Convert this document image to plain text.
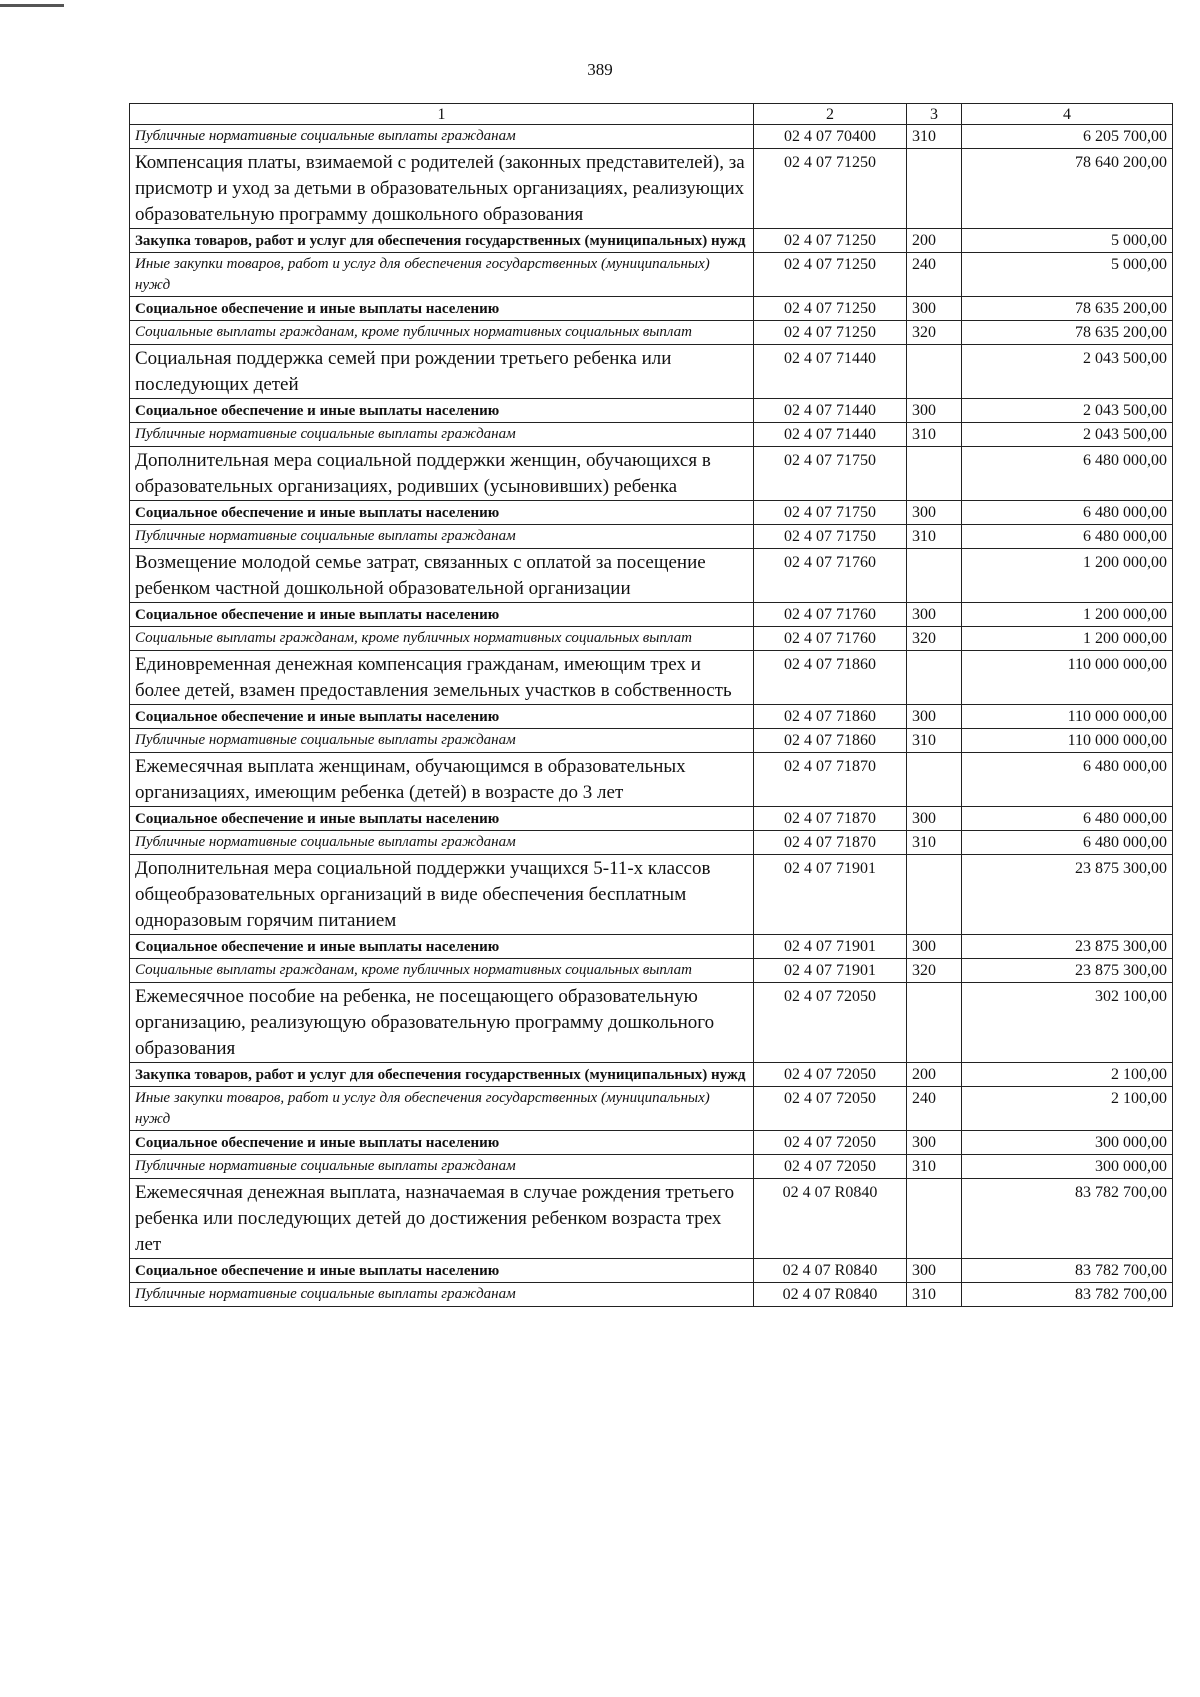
389
1	2	3	4
Публичные нормативные социальные выплаты гражданам	02 4 07 70400	310	6 205 700,00
Компенсация платы, взимаемой с родителей (законных представителей), за присмотр и уход за детьми в образовательных организациях, реализующих образовательную программу дошкольного образования	02 4 07 71250		78 640 200,00
Закупка товаров, работ и услуг для обеспечения государственных (муниципальных) нужд	02 4 07 71250	200	5 000,00
Иные закупки товаров, работ и услуг для обеспечения государственных (муниципальных) нужд	02 4 07 71250	240	5 000,00
Социальное обеспечение и иные выплаты населению	02 4 07 71250	300	78 635 200,00
Социальные выплаты гражданам, кроме публичных нормативных социальных выплат	02 4 07 71250	320	78 635 200,00
Социальная поддержка семей при рождении третьего ребенка или последующих детей	02 4 07 71440		2 043 500,00
Социальное обеспечение и иные выплаты населению	02 4 07 71440	300	2 043 500,00
Публичные нормативные социальные выплаты гражданам	02 4 07 71440	310	2 043 500,00
Дополнительная мера социальной поддержки женщин, обучающихся в образовательных организациях, родивших (усыновивших) ребенка	02 4 07 71750		6 480 000,00
Социальное обеспечение и иные выплаты населению	02 4 07 71750	300	6 480 000,00
Публичные нормативные социальные выплаты гражданам	02 4 07 71750	310	6 480 000,00
Возмещение молодой семье затрат, связанных с оплатой за посещение ребенком частной дошкольной образовательной организации	02 4 07 71760		1 200 000,00
Социальное обеспечение и иные выплаты населению	02 4 07 71760	300	1 200 000,00
Социальные выплаты гражданам, кроме публичных нормативных социальных выплат	02 4 07 71760	320	1 200 000,00
Единовременная денежная компенсация гражданам, имеющим трех и более детей, взамен предоставления земельных участков в собственность	02 4 07 71860		110 000 000,00
Социальное обеспечение и иные выплаты населению	02 4 07 71860	300	110 000 000,00
Публичные нормативные социальные выплаты гражданам	02 4 07 71860	310	110 000 000,00
Ежемесячная выплата женщинам, обучающимся в образовательных организациях, имеющим ребенка (детей) в возрасте до 3 лет	02 4 07 71870		6 480 000,00
Социальное обеспечение и иные выплаты населению	02 4 07 71870	300	6 480 000,00
Публичные нормативные социальные выплаты гражданам	02 4 07 71870	310	6 480 000,00
Дополнительная мера социальной поддержки учащихся 5-11-х классов общеобразовательных организаций в виде обеспечения бесплатным одноразовым горячим питанием	02 4 07 71901		23 875 300,00
Социальное обеспечение и иные выплаты населению	02 4 07 71901	300	23 875 300,00
Социальные выплаты гражданам, кроме публичных нормативных социальных выплат	02 4 07 71901	320	23 875 300,00
Ежемесячное пособие на ребенка, не посещающего образовательную организацию, реализующую образовательную программу дошкольного образования	02 4 07 72050		302 100,00
Закупка товаров, работ и услуг для обеспечения государственных (муниципальных) нужд	02 4 07 72050	200	2 100,00
Иные закупки товаров, работ и услуг для обеспечения государственных (муниципальных) нужд	02 4 07 72050	240	2 100,00
Социальное обеспечение и иные выплаты населению	02 4 07 72050	300	300 000,00
Публичные нормативные социальные выплаты гражданам	02 4 07 72050	310	300 000,00
Ежемесячная денежная выплата, назначаемая в случае рождения третьего ребенка или последующих детей до достижения ребенком возраста трех лет	02 4 07 R0840		83 782 700,00
Социальное обеспечение и иные выплаты населению	02 4 07 R0840	300	83 782 700,00
Публичные нормативные социальные выплаты гражданам	02 4 07 R0840	310	83 782 700,00
